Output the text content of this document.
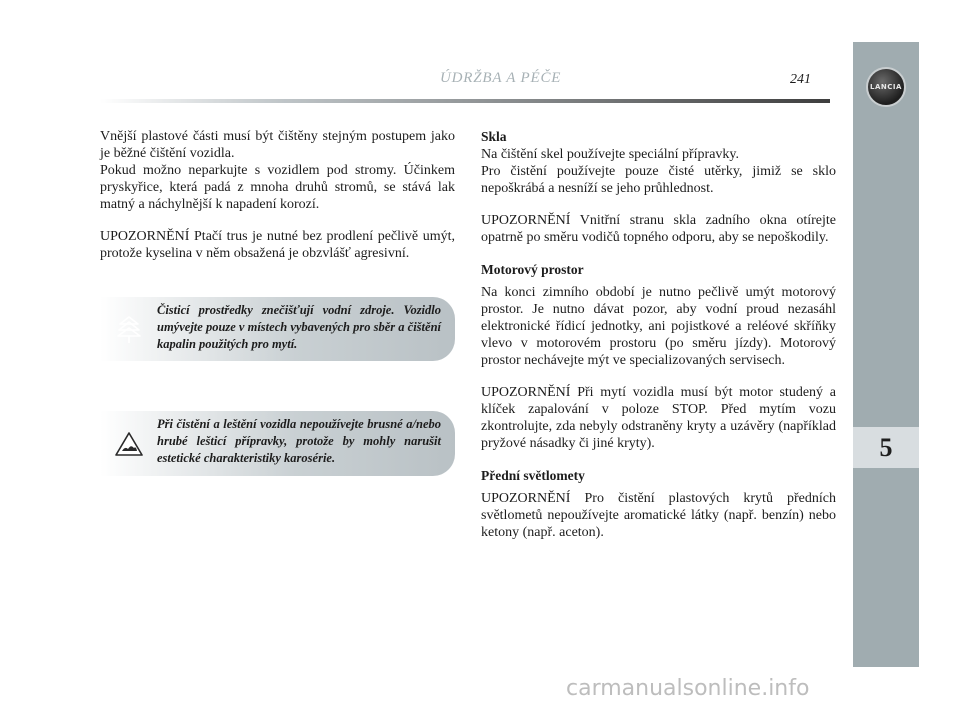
LANCIA
5
ÚDRŽBA A PÉČE	241

Vnější plastové části musí být čištěny stejným postupem jako je běžné čištění vozidla.

Pokud možno neparkujte s vozidlem pod stromy. Účinkem pryskyřice, která padá z mnoha druhů stromů, se stává lak matný a náchylnější k napadení korozí.

UPOZORNĚNÍ Ptačí trus je nutné bez prodlení pečlivě umýt, protože kyselina v něm obsažená je obzvlášť agresivní.

Čisticí prostředky znečišťují vodní zdroje. Vozidlo umývejte pouze v místech vybavených pro sběr a čištění kapalin použitých pro mytí.
Při čistění a leštění vozidla nepoužívejte brusné a/nebo hrubé lešticí přípravky, protože by mohly narušit estetické charakteristiky karosérie.
Skla

Na čištění skel používejte speciální přípravky.

Pro čistění používejte pouze čisté utěrky, jimiž se sklo nepoškrábá a nesníží se jeho průhlednost.

UPOZORNĚNÍ Vnitřní stranu skla zadního okna otírejte opatrně po směru vodičů topného odporu, aby se nepoškodily.

Motorový prostor

Na konci zimního období je nutno pečlivě umýt motorový prostor. Je nutno dávat pozor, aby vodní proud nezasáhl elektronické řídicí jednotky, ani pojistkové a reléové skříňky vlevo v motorovém prostoru (po směru jízdy). Motorový prostor nechávejte mýt ve specializovaných servisech.

UPOZORNĚNÍ Při mytí vozidla musí být motor studený a klíček zapalování v poloze STOP. Před mytím vozu zkontrolujte, zda nebyly odstraněny kryty a uzávěry (například pryžové násadky či jiné kryty).

Přední světlomety

UPOZORNĚNÍ Pro čistění plastových krytů předních světlometů nepoužívejte aromatické látky (např. benzín) nebo ketony (např. aceton).

carmanualsonline.info
